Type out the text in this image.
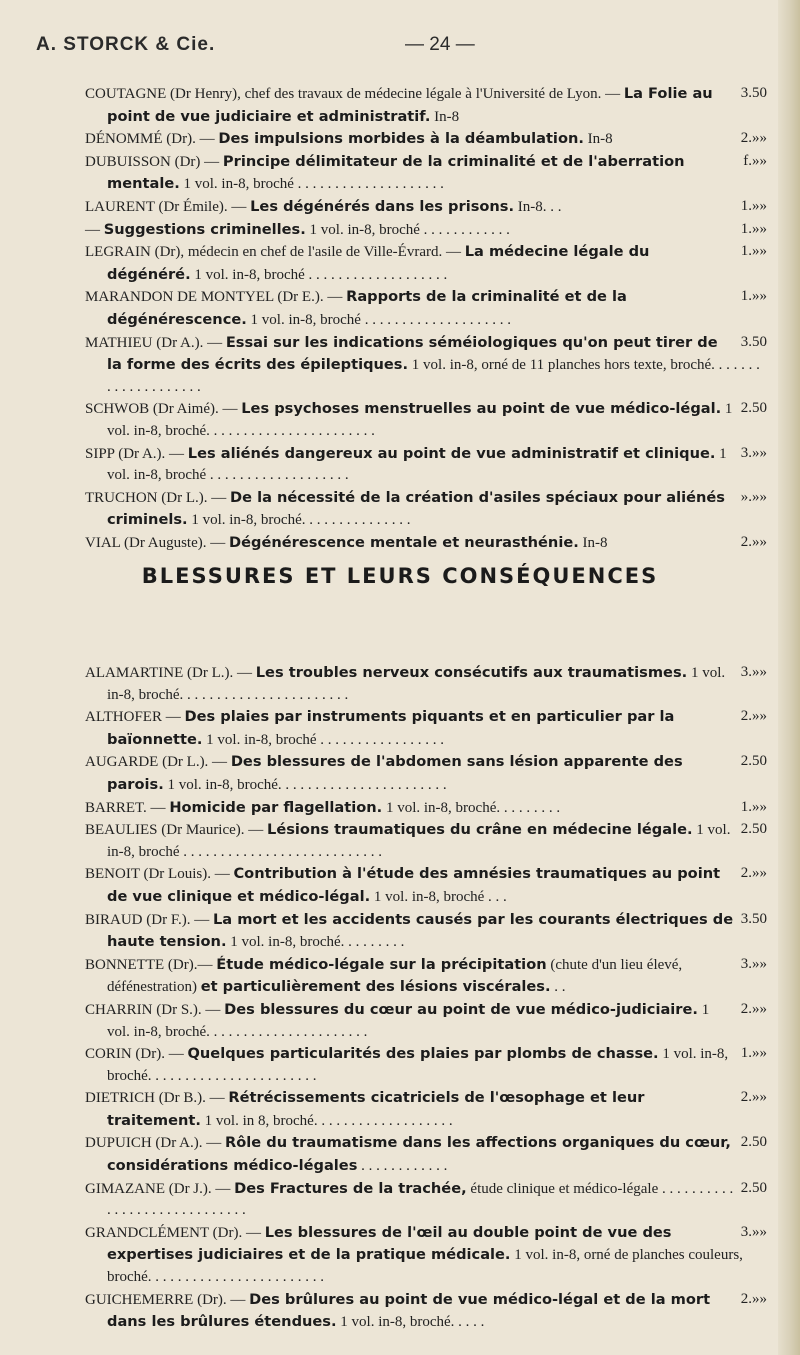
A. STORCK & Cie.	— 24 —
3.50
COUTAGNE (Dr Henry), chef des travaux de médecine légale à l'Université de Lyon. — La Folie au point de vue judiciaire et administratif. In-8
2.»»
DÉNOMMÉ (Dr). — Des impulsions morbides à la déambulation. In-8
f.»»
DUBUISSON (Dr) — Principe délimitateur de la criminalité et de l'aberration mentale. 1 vol. in-8, broché . . . . . . . . . . . . . . . . . . . .
1.»»
LAURENT (Dr Émile). — Les dégénérés dans les prisons. In-8. . .
1.»»
— Suggestions criminelles. 1 vol. in-8, broché . . . . . . . . . . . .
1.»»
LEGRAIN (Dr), médecin en chef de l'asile de Ville-Évrard. — La médecine légale du dégénéré. 1 vol. in-8, broché . . . . . . . . . . . . . . . . . . .
1.»»
MARANDON DE MONTYEL (Dr E.). — Rapports de la criminalité et de la dégénérescence. 1 vol. in-8, broché . . . . . . . . . . . . . . . . . . . .
3.50
MATHIEU (Dr A.). — Essai sur les indications séméiologiques qu'on peut tirer de la forme des écrits des épileptiques. 1 vol. in-8, orné de 11 planches hors texte, broché. . . . . . . . . . . . . . . . . . . .
2.50
SCHWOB (Dr Aimé). — Les psychoses menstruelles au point de vue médico-légal. 1 vol. in-8, broché. . . . . . . . . . . . . . . . . . . . . . .
3.»»
SIPP (Dr A.). — Les aliénés dangereux au point de vue administratif et clinique. 1 vol. in-8, broché . . . . . . . . . . . . . . . . . . .
».»»
TRUCHON (Dr L.). — De la nécessité de la création d'asiles spéciaux pour aliénés criminels. 1 vol. in-8, broché. . . . . . . . . . . . . . .
2.»»
VIAL (Dr Auguste). — Dégénérescence mentale et neurasthénie. In-8
BLESSURES ET LEURS CONSÉQUENCES
3.»»
ALAMARTINE (Dr L.). — Les troubles nerveux consécutifs aux traumatismes. 1 vol. in-8, broché. . . . . . . . . . . . . . . . . . . . . . .
2.»»
ALTHOFER — Des plaies par instruments piquants et en particulier par la baïonnette. 1 vol. in-8, broché . . . . . . . . . . . . . . . . .
2.50
AUGARDE (Dr L.). — Des blessures de l'abdomen sans lésion apparente des parois. 1 vol. in-8, broché. . . . . . . . . . . . . . . . . . . . . . .
1.»»
BARRET. — Homicide par flagellation. 1 vol. in-8, broché. . . . . . . . .
2.50
BEAULIES (Dr Maurice). — Lésions traumatiques du crâne en médecine légale. 1 vol. in-8, broché . . . . . . . . . . . . . . . . . . . . . . . . . . .
2.»»
BENOIT (Dr Louis). — Contribution à l'étude des amnésies traumatiques au point de vue clinique et médico-légal. 1 vol. in-8, broché . . .
3.50
BIRAUD (Dr F.). — La mort et les accidents causés par les courants électriques de haute tension. 1 vol. in-8, broché. . . . . . . . .
3.»»
BONNETTE (Dr).— Étude médico-légale sur la précipitation (chute d'un lieu élevé, défénestration) et particulièrement des lésions viscérales. . .
2.»»
CHARRIN (Dr S.). — Des blessures du cœur au point de vue médico-judiciaire. 1 vol. in-8, broché. . . . . . . . . . . . . . . . . . . . . .
1.»»
CORIN (Dr). — Quelques particularités des plaies par plombs de chasse. 1 vol. in-8, broché. . . . . . . . . . . . . . . . . . . . . . .
2.»»
DIETRICH (Dr B.). — Rétrécissements cicatriciels de l'œsophage et leur traitement. 1 vol. in 8, broché. . . . . . . . . . . . . . . . . . .
2.50
DUPUICH (Dr A.). — Rôle du traumatisme dans les affections organiques du cœur, considérations médico-légales . . . . . . . . . . . .
2.50
GIMAZANE (Dr J.). — Des Fractures de la trachée, étude clinique et médico-légale . . . . . . . . . . . . . . . . . . . . . . . . . . . . .
3.»»
GRANDCLÉMENT (Dr). — Les blessures de l'œil au double point de vue des expertises judiciaires et de la pratique médicale. 1 vol. in-8, orné de planches couleurs, broché. . . . . . . . . . . . . . . . . . . . . . . .
2.»»
GUICHEMERRE (Dr). — Des brûlures au point de vue médico-légal et de la mort dans les brûlures étendues. 1 vol. in-8, broché. . . . .
